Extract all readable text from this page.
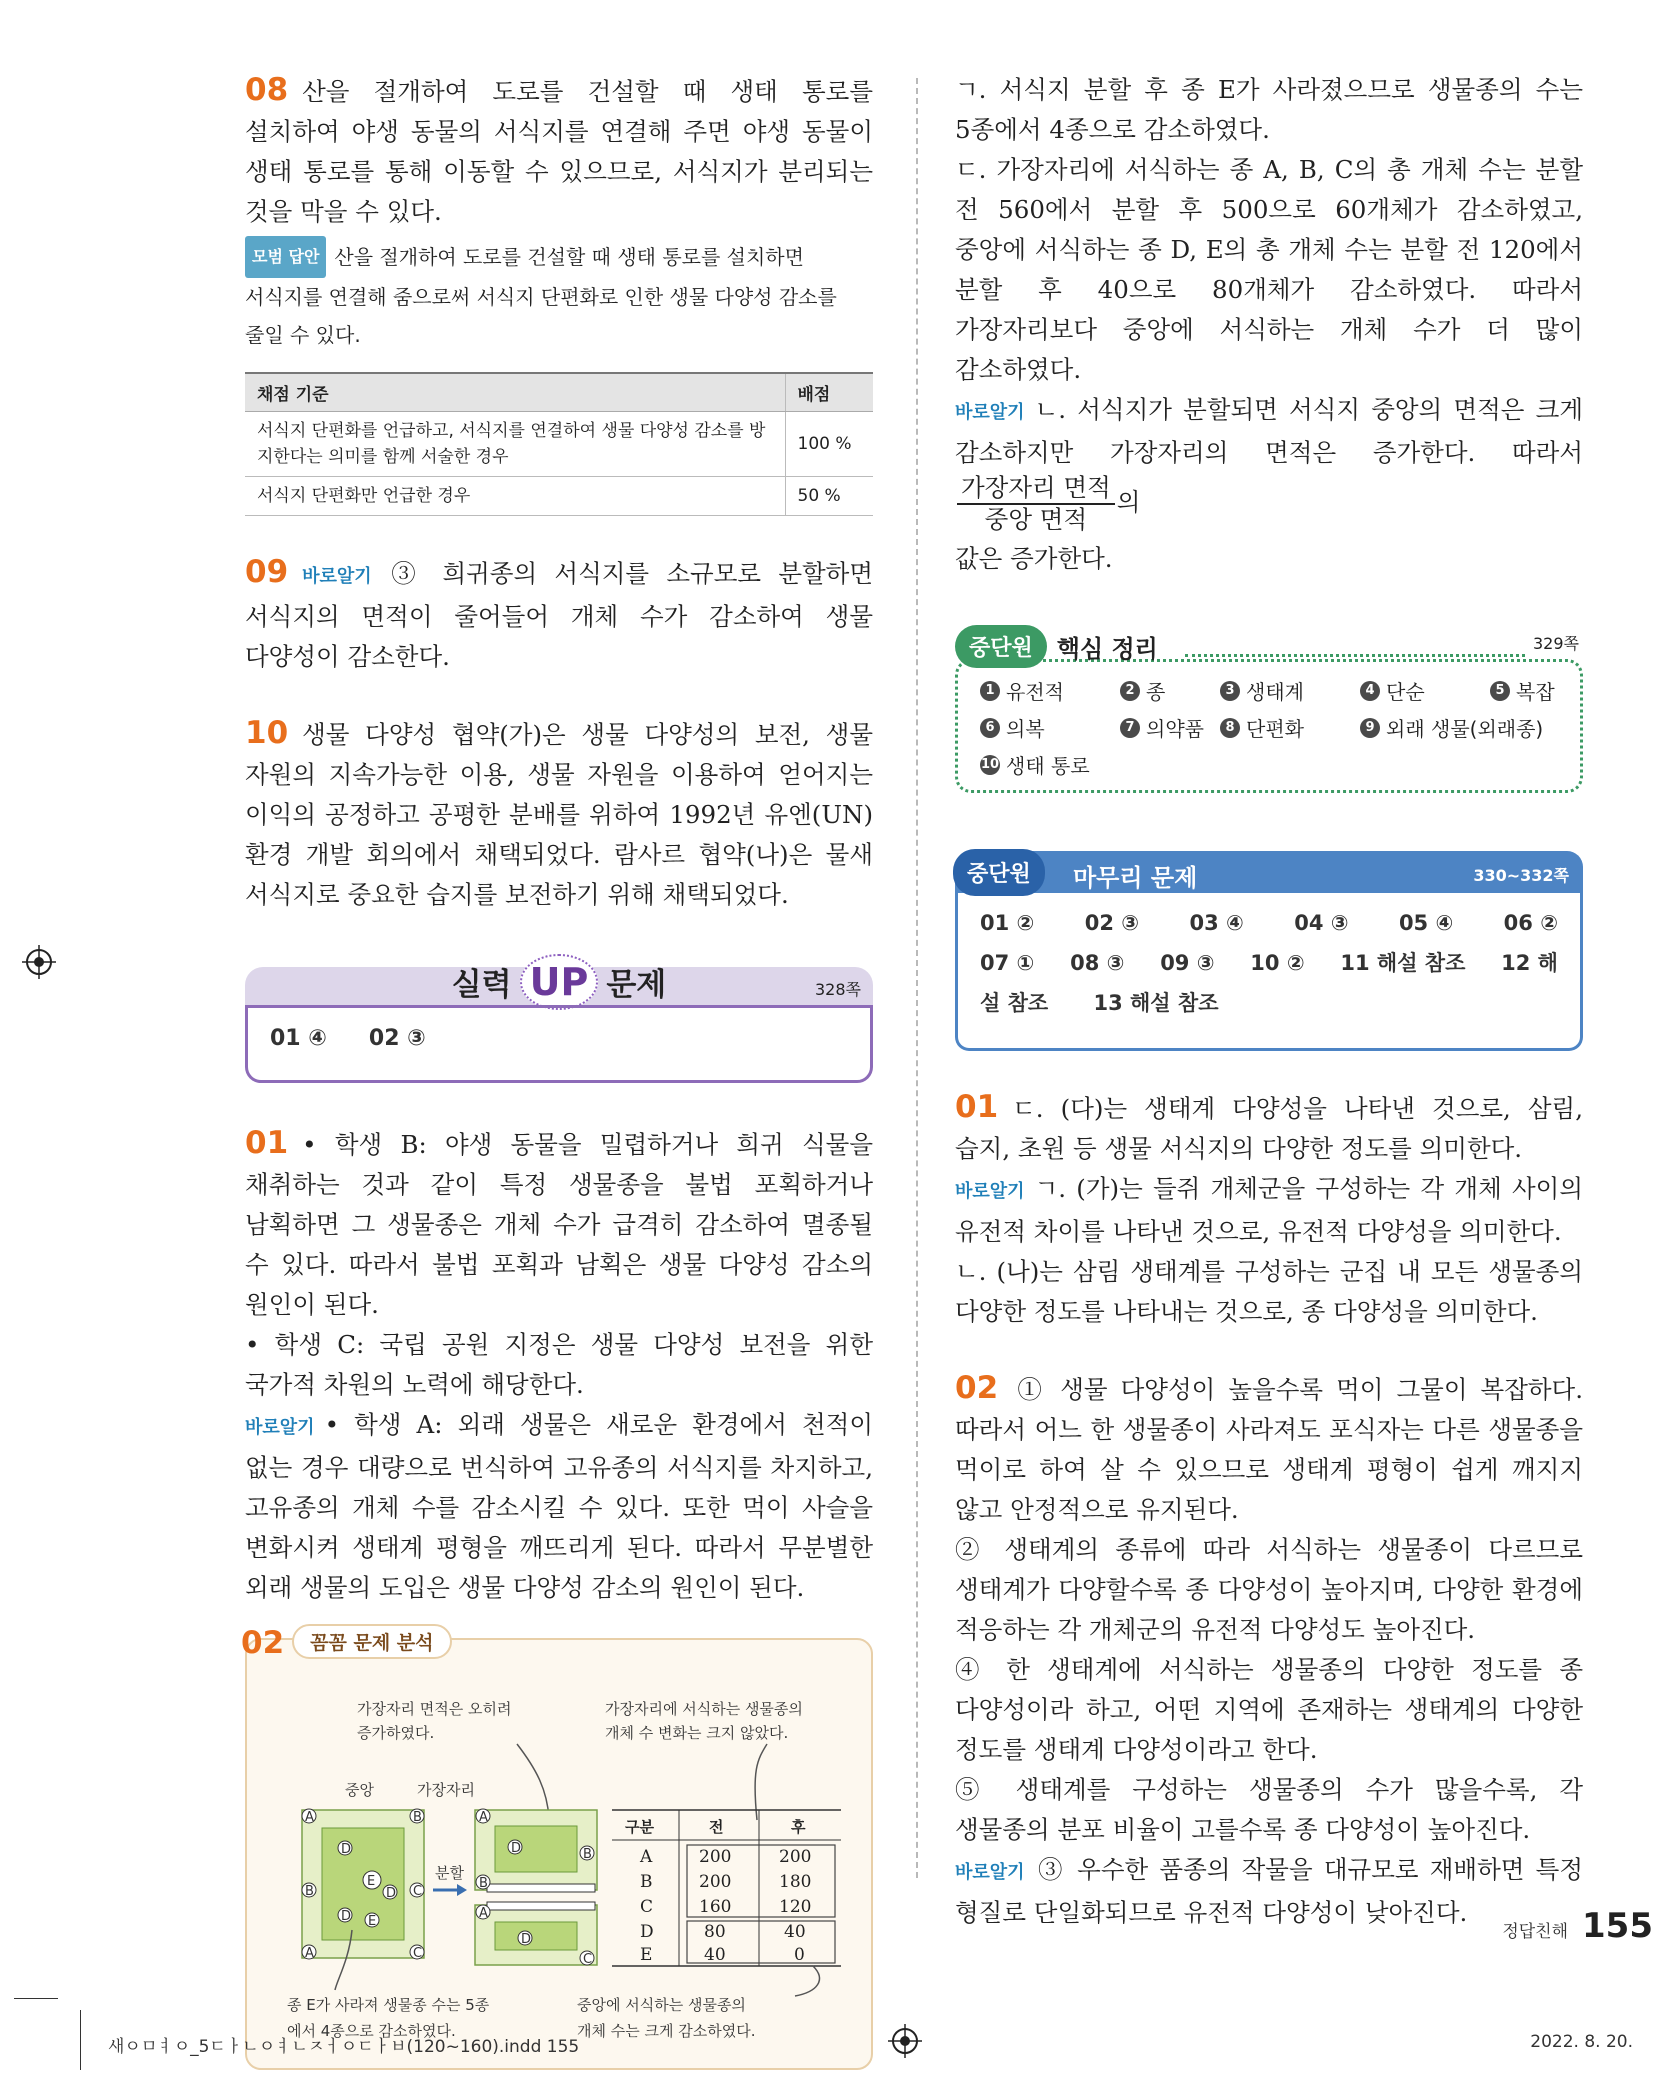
08 산을 절개하여 도로를 건설할 때 생태 통로를 설치하여 야생 동물의 서식지를 연결해 주면 야생 동물이 생태 통로를 통해 이동할 수 있으므로, 서식지가 분리되는 것을 막을 수 있다.
모범 답안 산을 절개하여 도로를 건설할 때 생태 통로를 설치하면 서식지를 연결해 줌으로써 서식지 단편화로 인한 생물 다양성 감소를 줄일 수 있다.
채점 기준	배점
서식지 단편화를 언급하고, 서식지를 연결하여 생물 다양성 감소를 방지한다는 의미를 함께 서술한 경우	100 %
서식지 단편화만 언급한 경우	50 %
09 바로알기 ③ 희귀종의 서식지를 소규모로 분할하면 서식지의 면적이 줄어들어 개체 수가 감소하여 생물 다양성이 감소한다.
10 생물 다양성 협약(가)은 생물 다양성의 보전, 생물 자원의 지속가능한 이용, 생물 자원을 이용하여 얻어지는 이익의 공정하고 공평한 분배를 위하여 1992년 유엔(UN) 환경 개발 회의에서 채택되었다. 람사르 협약(나)은 물새 서식지로 중요한 습지를 보전하기 위해 채택되었다.
실력 UP 문제	328쪽
01 ④ 02 ③
01 • 학생 B: 야생 동물을 밀렵하거나 희귀 식물을 채취하는 것과 같이 특정 생물종을 불법 포획하거나 남획하면 그 생물종은 개체 수가 급격히 감소하여 멸종될 수 있다. 따라서 불법 포획과 남획은 생물 다양성 감소의 원인이 된다.
• 학생 C: 국립 공원 지정은 생물 다양성 보전을 위한 국가적 차원의 노력에 해당한다.
바로알기 • 학생 A: 외래 생물은 새로운 환경에서 천적이 없는 경우 대량으로 번식하여 고유종의 서식지를 차지하고, 고유종의 개체 수를 감소시킬 수 있다. 또한 먹이 사슬을 변화시켜 생태계 평형을 깨뜨리게 된다. 따라서 무분별한 외래 생물의 도입은 생물 다양성 감소의 원인이 된다.
02 꼼꼼 문제 분석
가장자리 면적은 오히려
증가하였다.
가장자리에 서식하는 생물종의
개체 수 변화는 크지 않았다.
중앙	가장자리
A	B
D
E
D
B	C
D E
A	C
분할
A
D	B
B
A
D
C
구분	전	후
A	200	200
B	200	180
C	160	120
D	80	40
E	40	0
종 E가 사라져 생물종 수는 5종
에서 4종으로 감소하였다.
중앙에 서식하는 생물종의
개체 수는 크게 감소하였다.
ㄱ. 서식지 분할 후 종 E가 사라졌으므로 생물종의 수는 5종에서 4종으로 감소하였다.
ㄷ. 가장자리에 서식하는 종 A, B, C의 총 개체 수는 분할 전 560에서 분할 후 500으로 60개체가 감소하였고, 중앙에 서식하는 종 D, E의 총 개체 수는 분할 전 120에서 분할 후 40으로 80개체가 감소하였다. 따라서 가장자리보다 중앙에 서식하는 개체 수가 더 많이 감소하였다.
바로알기 ㄴ. 서식지가 분할되면 서식지 중앙의 면적은 크게 감소하지만 가장자리의 면적은 증가한다. 따라서
$\frac{\text{가장자리 면적}}{\text{중앙 면적}}$ 의
값은 증가한다.
329쪽
1 유전적	2 종	3 생태계	4 단순	5 복잡
6 의복	7 의약품	8 단편화	9 외래 생물(외래종)
10 생태 통로
중단원	핵심 정리
중단원	마무리 문제	330~332쪽
01 ② 02 ③ 03 ④ 04 ③ 05 ④ 06 ②
07 ① 08 ③ 09 ③ 10 ② 11 해설 참조 12 해
설 참조 13 해설 참조
01 ㄷ. (다)는 생태계 다양성을 나타낸 것으로, 삼림, 습지, 초원 등 생물 서식지의 다양한 정도를 의미한다.
바로알기 ㄱ. (가)는 들쥐 개체군을 구성하는 각 개체 사이의 유전적 차이를 나타낸 것으로, 유전적 다양성을 의미한다.
ㄴ. (나)는 삼림 생태계를 구성하는 군집 내 모든 생물종의 다양한 정도를 나타내는 것으로, 종 다양성을 의미한다.
02 ① 생물 다양성이 높을수록 먹이 그물이 복잡하다. 따라서 어느 한 생물종이 사라져도 포식자는 다른 생물종을 먹이로 하여 살 수 있으므로 생태계 평형이 쉽게 깨지지 않고 안정적으로 유지된다.
② 생태계의 종류에 따라 서식하는 생물종이 다르므로 생태계가 다양할수록 종 다양성이 높아지며, 다양한 환경에 적응하는 각 개체군의 유전적 다양성도 높아진다.
④ 한 생태계에 서식하는 생물종의 다양한 정도를 종 다양성이라 하고, 어떤 지역에 존재하는 생태계의 다양한 정도를 생태계 다양성이라고 한다.
⑤ 생태계를 구성하는 생물종의 수가 많을수록, 각 생물종의 분포 비율이 고를수록 종 다양성이 높아진다.
바로알기 ③ 우수한 품종의 작물을 대규모로 재배하면 특정 형질로 단일화되므로 유전적 다양성이 낮아진다.
정답친해 155
새ㅇㅁㅕㅇ_5ㄷㅏㄴㅇㅕㄴㅈㅓㅇㄷㅏㅂ(120~160).indd 155	2022. 8. 20.
